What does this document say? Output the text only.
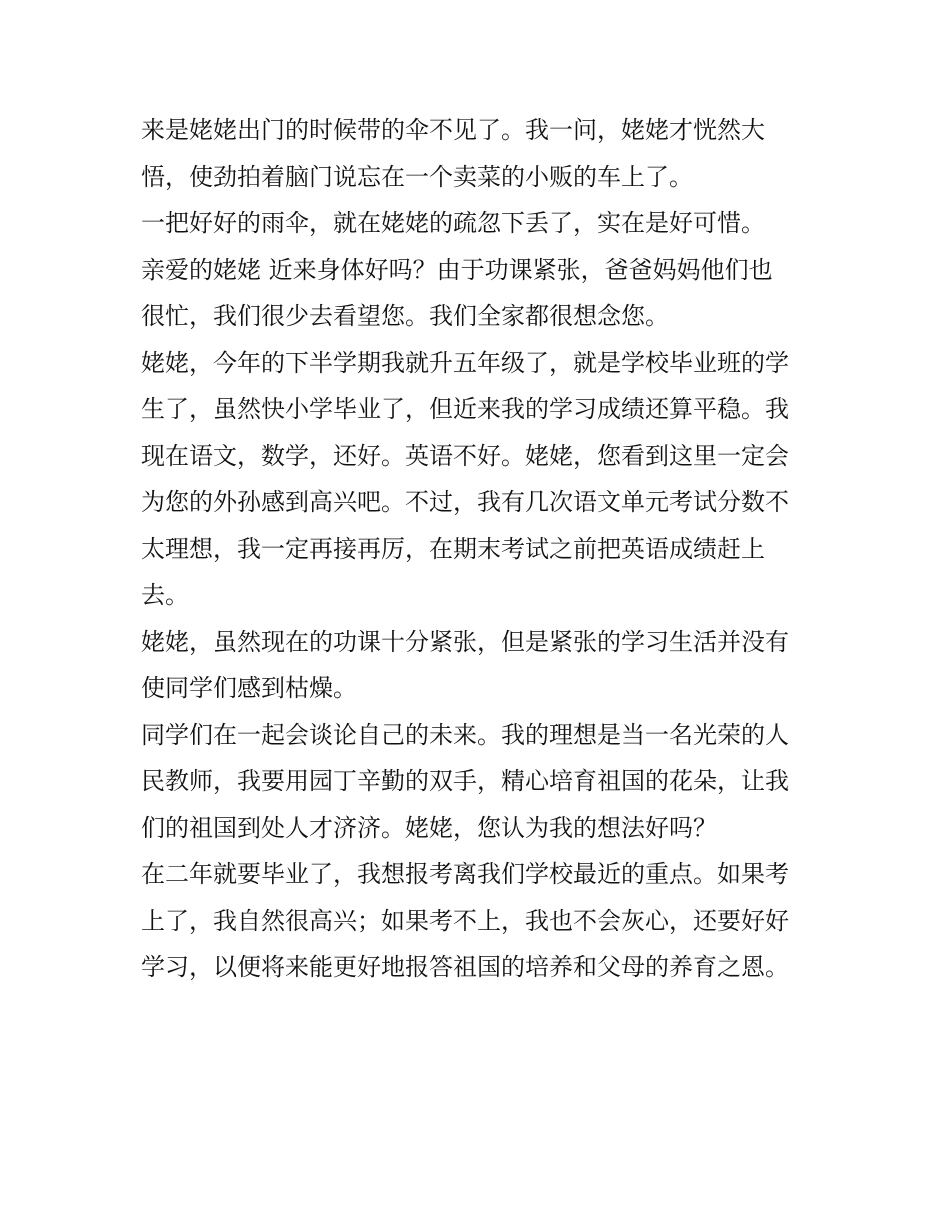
来是姥姥出门的时候带的伞不见了。我一问，姥姥才恍然大
悟，使劲拍着脑门说忘在一个卖菜的小贩的车上了。
一把好好的雨伞，就在姥姥的疏忽下丢了，实在是好可惜。
亲爱的姥姥 近来身体好吗？由于功课紧张，爸爸妈妈他们也
很忙，我们很少去看望您。我们全家都很想念您。
姥姥，今年的下半学期我就升五年级了，就是学校毕业班的学
生了，虽然快小学毕业了，但近来我的学习成绩还算平稳。我
现在语文，数学，还好。英语不好。姥姥，您看到这里一定会
为您的外孙感到高兴吧。不过，我有几次语文单元考试分数不
太理想，我一定再接再厉，在期末考试之前把英语成绩赶上
去。
姥姥，虽然现在的功课十分紧张，但是紧张的学习生活并没有
使同学们感到枯燥。
同学们在一起会谈论自己的未来。我的理想是当一名光荣的人
民教师，我要用园丁辛勤的双手，精心培育祖国的花朵，让我
们的祖国到处人才济济。姥姥，您认为我的想法好吗？
在二年就要毕业了，我想报考离我们学校最近的重点。如果考
上了，我自然很高兴；如果考不上，我也不会灰心，还要好好
学习，以便将来能更好地报答祖国的培养和父母的养育之恩。
